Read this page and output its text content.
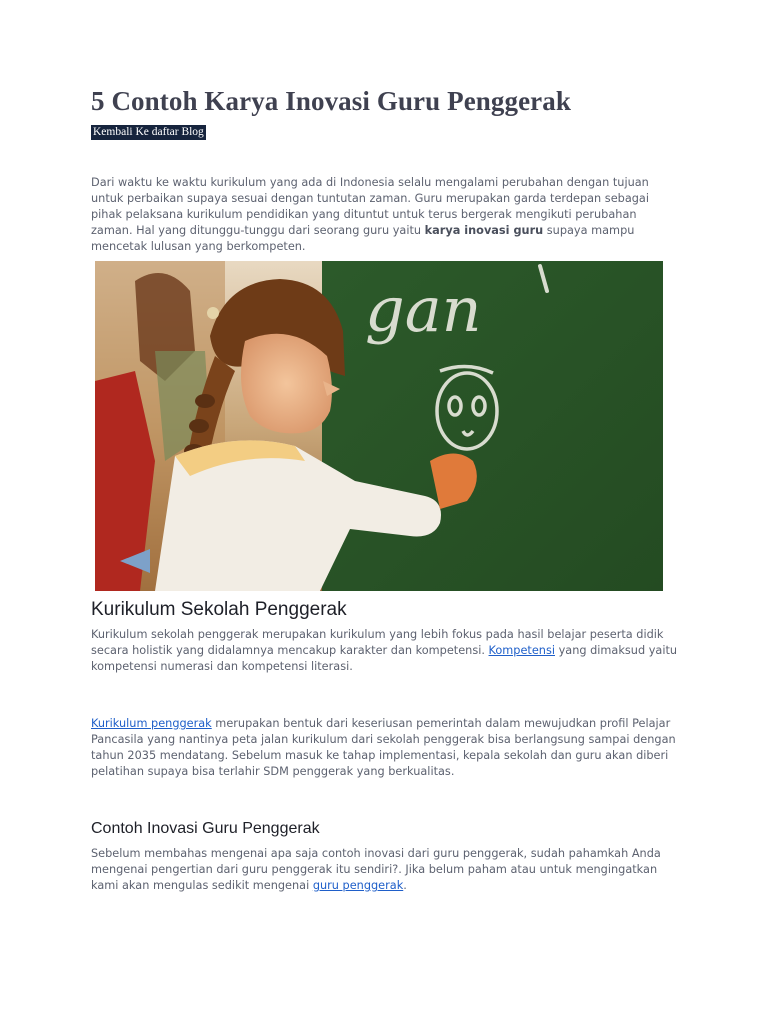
5 Contoh Karya Inovasi Guru Penggerak
Kembali Ke daftar Blog

Dari waktu ke waktu kurikulum yang ada di Indonesia selalu mengalami perubahan dengan tujuan untuk perbaikan supaya sesuai dengan tuntutan zaman. Guru merupakan garda terdepan sebagai pihak pelaksana kurikulum pendidikan yang dituntut untuk terus bergerak mengikuti perubahan zaman. Hal yang ditunggu-tunggu dari seorang guru yaitu karya inovasi guru supaya mampu mencetak lulusan yang berkompeten.

gan
Kurikulum Sekolah Penggerak

Kurikulum sekolah penggerak merupakan kurikulum yang lebih fokus pada hasil belajar peserta didik secara holistik yang didalamnya mencakup karakter dan kompetensi. Kompetensi yang dimaksud yaitu kompetensi numerasi dan kompetensi literasi.

Kurikulum penggerak merupakan bentuk dari keseriusan pemerintah dalam mewujudkan profil Pelajar Pancasila yang nantinya peta jalan kurikulum dari sekolah penggerak bisa berlangsung sampai dengan tahun 2035 mendatang. Sebelum masuk ke tahap implementasi, kepala sekolah dan guru akan diberi pelatihan supaya bisa terlahir SDM penggerak yang berkualitas.

Contoh Inovasi Guru Penggerak

Sebelum membahas mengenai apa saja contoh inovasi dari guru penggerak, sudah pahamkah Anda mengenai pengertian dari guru penggerak itu sendiri?. Jika belum paham atau untuk mengingatkan kami akan mengulas sedikit mengenai guru penggerak.
